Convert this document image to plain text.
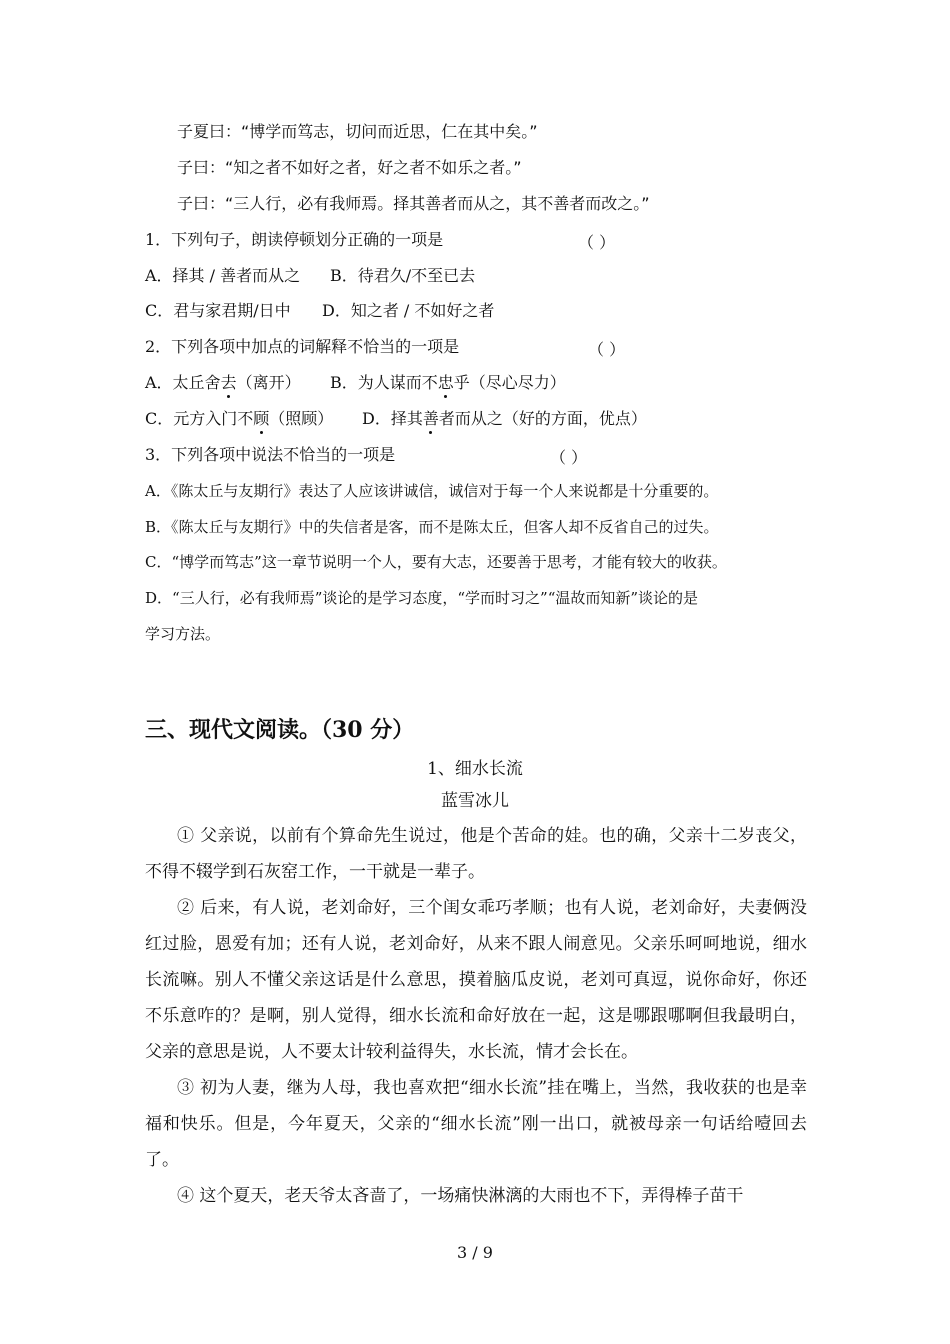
子夏曰：“博学而笃志，切问而近思，仁在其中矣。”
子曰：“知之者不如好之者，好之者不如乐之者。”
子曰：“三人行，必有我师焉。择其善者而从之，其不善者而改之。”
1．下列句子，朗读停顿划分正确的一项是	（ ）
A．择其 / 善者而从之 B．待君久/不至已去
C．君与家君期/日中 D．知之者 / 不如好之者
2．下列各项中加点的词解释不恰当的一项是	（ ）
A．太丘舍去（离开） B．为人谋而不忠乎（尽心尽力）
C．元方入门不顾（照顾） D．择其善者而从之（好的方面，优点）
3．下列各项中说法不恰当的一项是	（ ）
A．《陈太丘与友期行》表达了人应该讲诚信，诚信对于每一个人来说都是十分重要的。
B．《陈太丘与友期行》中的失信者是客，而不是陈太丘，但客人却不反省自己的过失。
C．“博学而笃志”这一章节说明一个人，要有大志，还要善于思考，才能有较大的收获。
D．“三人行，必有我师焉”谈论的是学习态度，“学而时习之”“温故而知新”谈论的是
学习方法。
三、现代文阅读。（30 分）
1、细水长流
蓝雪冰儿
① 父亲说，以前有个算命先生说过，他是个苦命的娃。也的确，父亲十二岁丧父，不得不辍学到石灰窑工作，一干就是一辈子。
② 后来，有人说，老刘命好，三个闺女乖巧孝顺；也有人说，老刘命好，夫妻俩没红过脸，恩爱有加；还有人说，老刘命好，从来不跟人闹意见。父亲乐呵呵地说，细水长流嘛。别人不懂父亲这话是什么意思，摸着脑瓜皮说，老刘可真逗，说你命好，你还不乐意咋的？是啊，别人觉得，细水长流和命好放在一起，这是哪跟哪啊但我最明白，父亲的意思是说，人不要太计较利益得失，水长流，情才会长在。
③ 初为人妻，继为人母，我也喜欢把“细水长流”挂在嘴上，当然，我收获的也是幸福和快乐。但是，今年夏天，父亲的“细水长流”刚一出口，就被母亲一句话给噎回去了。
④ 这个夏天，老天爷太吝啬了，一场痛快淋漓的大雨也不下，弄得棒子苗干
3 / 9
